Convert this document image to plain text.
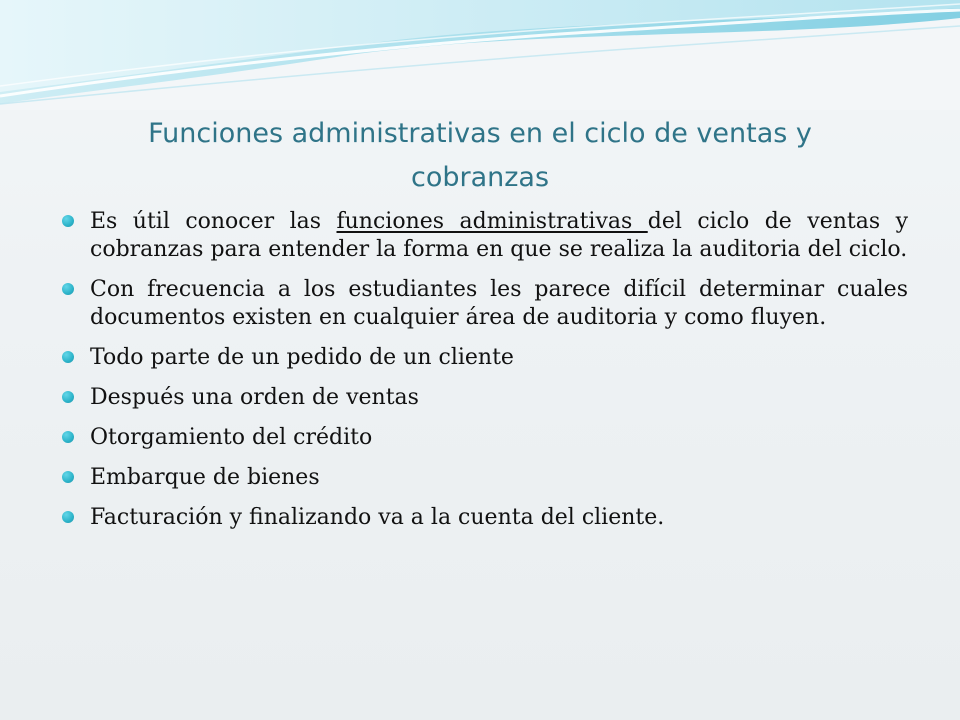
Funciones administrativas en el ciclo de ventas y cobranzas
Es útil conocer las funciones administrativas del ciclo de ventas y cobranzas para entender la forma en que se realiza la auditoria del ciclo.
Con frecuencia a los estudiantes les parece difícil determinar cuales documentos existen en cualquier área de auditoria y como fluyen.
Todo parte de un pedido de un cliente
Después una orden de ventas
Otorgamiento del crédito
Embarque de bienes
Facturación y finalizando va a la cuenta del cliente.
